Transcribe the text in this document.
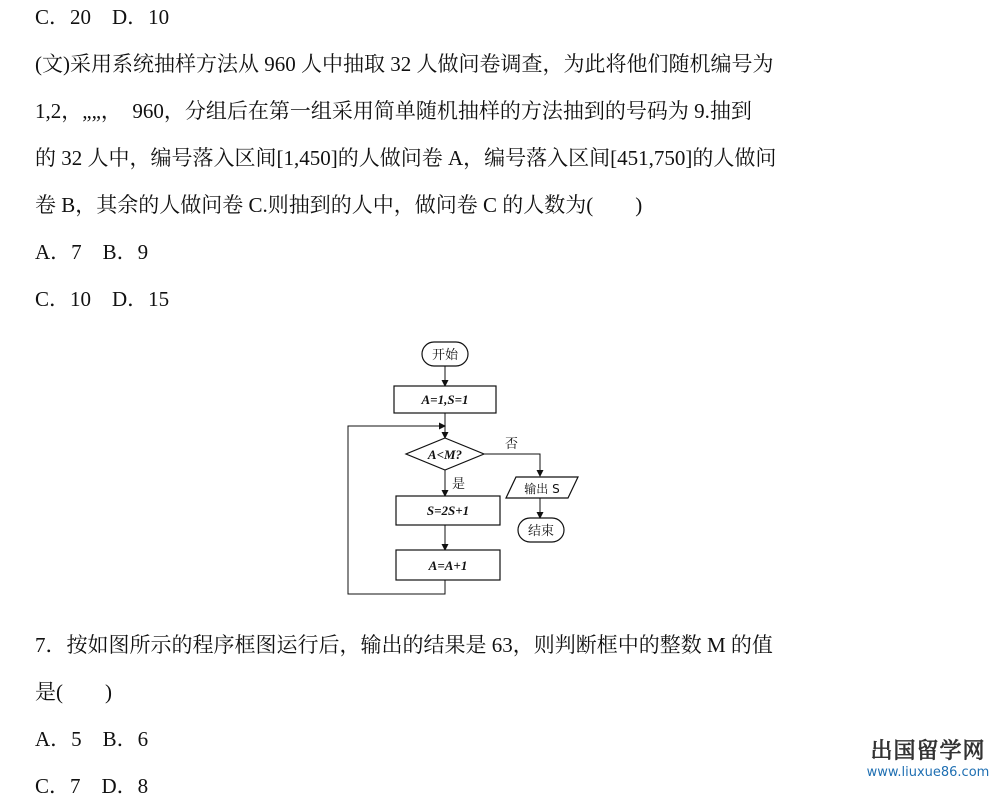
C．20　D．10
(文)采用系统抽样方法从 960 人中抽取 32 人做问卷调查，为此将他们随机编号为
1,2，„„，　960，分组后在第一组采用简单随机抽样的方法抽到的号码为 9.抽到
的 32 人中，编号落入区间[1,450]的人做问卷 A，编号落入区间[451,750]的人做问
卷 B，其余的人做问卷 C.则抽到的人中，做问卷 C 的人数为(　　)
A．7　B．9
C．10　D．15
开始
A=1,S=1
A<M?
否
是
S=2S+1
A=A+1
输出 S
结束
7．按如图所示的程序框图运行后，输出的结果是 63，则判断框中的整数 M 的值
是(　　)
A．5　B．6
C．7　D．8
出国留学网
www.liuxue86.com
